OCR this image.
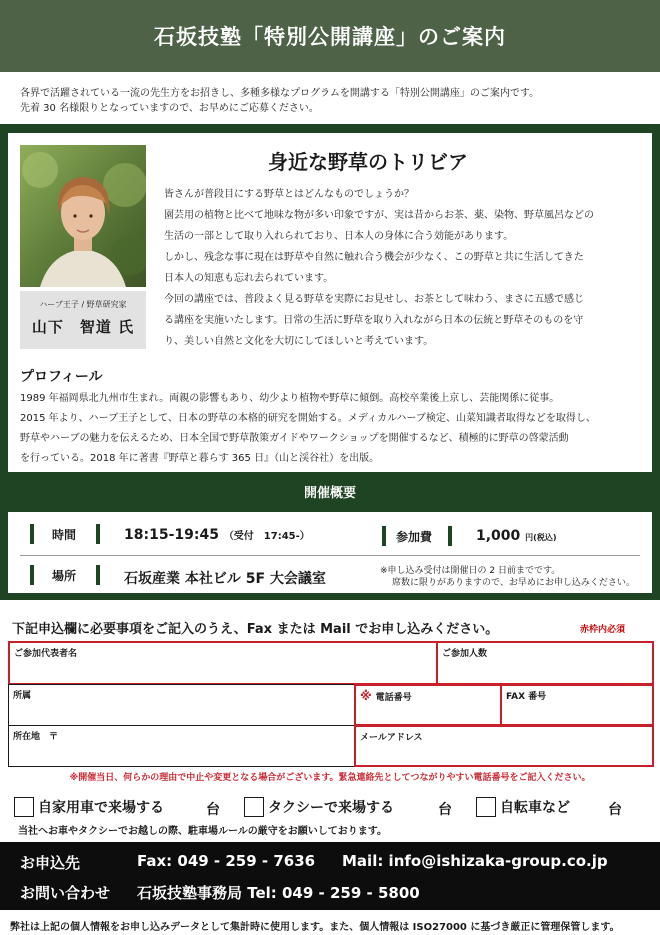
石坂技塾「特別公開講座」のご案内
各界で活躍されている一流の先生方をお招きし、多種多様なプログラムを開講する「特別公開講座」のご案内です。
先着 30 名様限りとなっていますので、お早めにご応募ください。
ハーブ王子 / 野草研究家
山下　智道 氏
身近な野草のトリビア
皆さんが普段目にする野草とはどんなものでしょうか？
園芸用の植物と比べて地味な物が多い印象ですが、実は昔からお茶、薬、染物、野草風呂などの
生活の一部として取り入れられており、日本人の身体に合う効能があります。
しかし、残念な事に現在は野草や自然に触れ合う機会が少なく、この野草と共に生活してきた
日本人の知恵も忘れ去られています。
今回の講座では、普段よく見る野草を実際にお見せし、お茶として味わう、まさに五感で感じ
る講座を実施いたします。日常の生活に野草を取り入れながら日本の伝統と野草そのものを守
り、美しい自然と文化を大切にしてほしいと考えています。
プロフィール
1989 年福岡県北九州市生まれ。両親の影響もあり、幼少より植物や野草に傾倒。高校卒業後上京し、芸能関係に従事。
2015 年より、ハーブ王子として、日本の野草の本格的研究を開始する。メディカルハーブ検定、山菜知識者取得などを取得し、
野草やハーブの魅力を伝えるため、日本全国で野草散策ガイドやワークショップを開催するなど、積極的に野草の啓蒙活動
を行っている。2018 年に著書『野草と暮らす 365 日』（山と渓谷社）を出版。
開催概要
時間	18:15-19:45 （受付　17:45-）	参加費	1,000 円(税込)
場所	石坂産業 本社ビル 5F 大会議室	※申し込み受付は開催日の 2 日前までです。
席数に限りがありますので、お早めにお申し込みください。
下記申込欄に必要事項をご記入のうえ、Fax または Mail でお申し込みください。	赤枠内必須
ご参加代表者名	ご参加人数
所属	※ 電話番号	FAX 番号
所在地　〒	メールアドレス
※開催当日、何らかの理由で中止や変更となる場合がございます。緊急連絡先としてつながりやすい電話番号をご記入ください。
自家用車で来場する	台	タクシーで来場する	台	自転車など	台
当社へお車やタクシーでお越しの際、駐車場ルールの厳守をお願いしております。
お申込先	Fax: 049 - 259 - 7636 Mail: info@ishizaka-group.co.jp
お問い合わせ 石坂技塾事務局 Tel: 049 - 259 - 5800
弊社は上記の個人情報をお申し込みデータとして集計時に使用します。また、個人情報は ISO27000 に基づき厳正に管理保管します。
